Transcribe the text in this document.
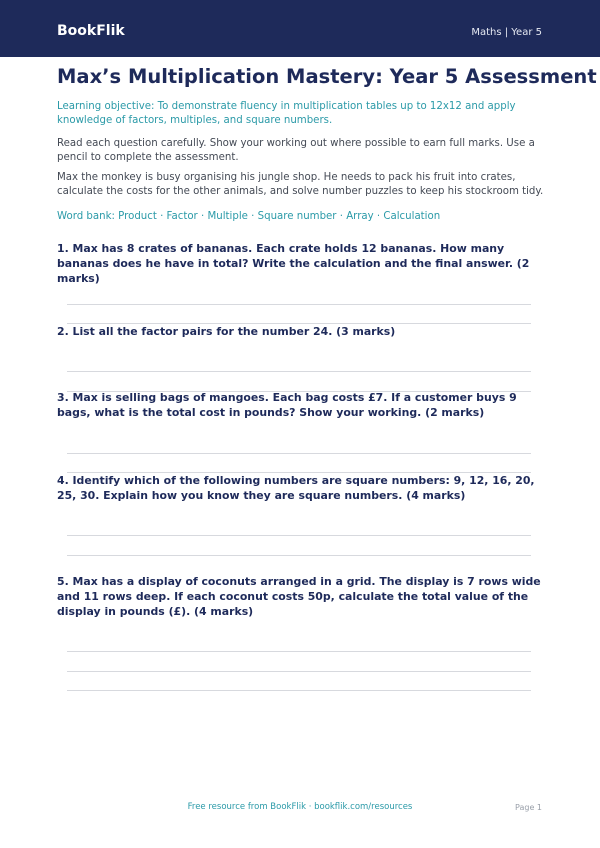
BookFlik	Maths | Year 5
Max’s Multiplication Mastery: Year 5 Assessment
Learning objective: To demonstrate fluency in multiplication tables up to 12x12 and apply knowledge of factors, multiples, and square numbers.
Read each question carefully. Show your working out where possible to earn full marks. Use a pencil to complete the assessment.
Max the monkey is busy organising his jungle shop. He needs to pack his fruit into crates, calculate the costs for the other animals, and solve number puzzles to keep his stockroom tidy.
Word bank: Product · Factor · Multiple · Square number · Array · Calculation
1. Max has 8 crates of bananas. Each crate holds 12 bananas. How many bananas does he have in total? Write the calculation and the final answer. (2 marks)
2. List all the factor pairs for the number 24. (3 marks)
3. Max is selling bags of mangoes. Each bag costs £7. If a customer buys 9 bags, what is the total cost in pounds? Show your working. (2 marks)
4. Identify which of the following numbers are square numbers: 9, 12, 16, 20, 25, 30. Explain how you know they are square numbers. (4 marks)
5. Max has a display of coconuts arranged in a grid. The display is 7 rows wide and 11 rows deep. If each coconut costs 50p, calculate the total value of the display in pounds (£). (4 marks)
Free resource from BookFlik · bookflik.com/resources	Page 1
